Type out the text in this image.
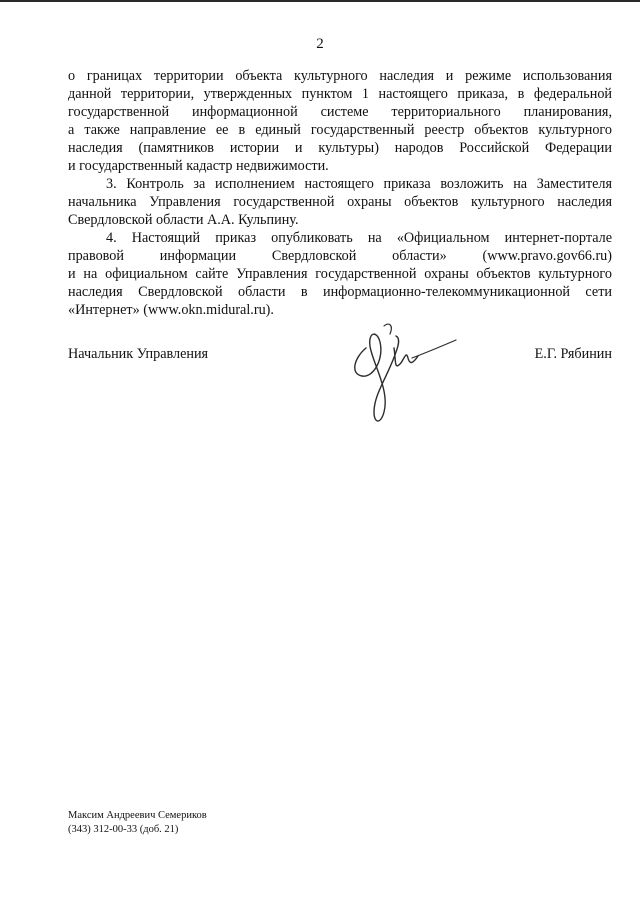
2

о границах территории объекта культурного наследия и режиме использования
данной территории, утвержденных пунктом 1 настоящего приказа, в федеральной
государственной информационной системе территориального планирования,
а также направление ее в единый государственный реестр объектов культурного
наследия (памятников истории и культуры) народов Российской Федерации
и государственный кадастр недвижимости.

3. Контроль за исполнением настоящего приказа возложить на Заместителя
начальника Управления государственной охраны объектов культурного наследия
Свердловской области А.А. Кульпину.

4. Настоящий приказ опубликовать на «Официальном интернет-портале
правовой информации Свердловской области» (www.pravo.gov66.ru)
и на официальном сайте Управления государственной охраны объектов культурного
наследия Свердловской области в информационно-телекоммуникационной сети
«Интернет» (www.okn.midural.ru).

Начальник Управления	Е.Г. Рябинин
Максим Андреевич Семериков
(343) 312-00-33 (доб. 21)
